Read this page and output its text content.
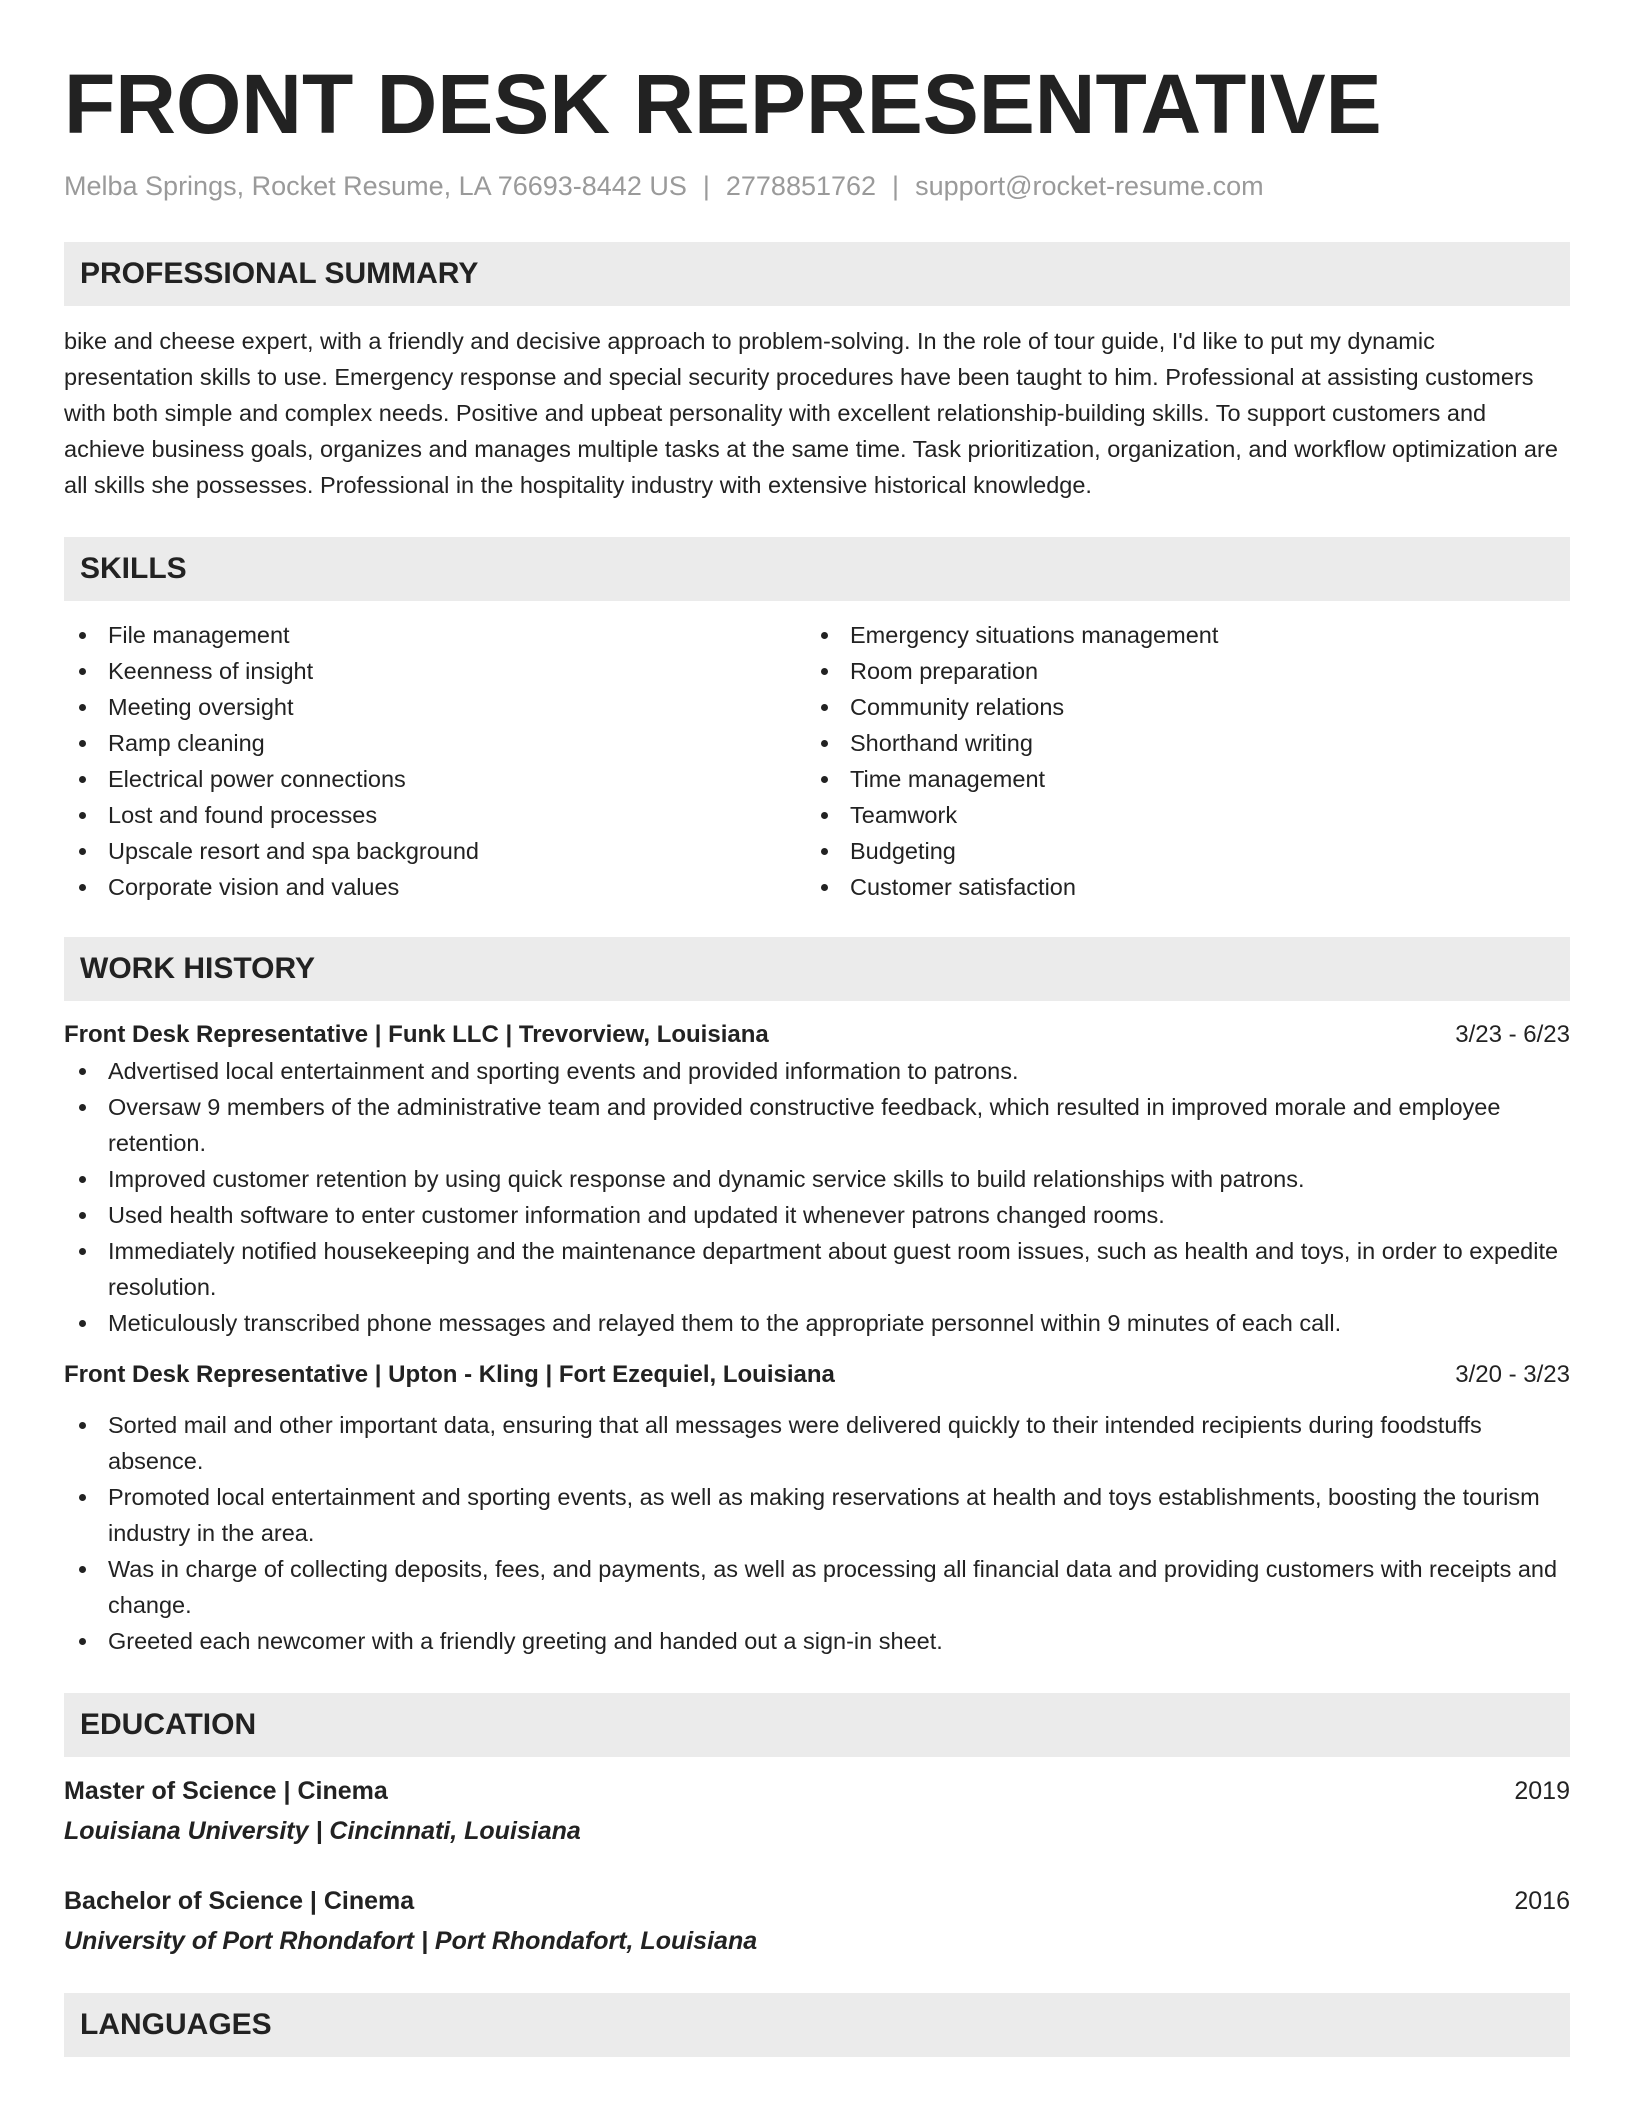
FRONT DESK REPRESENTATIVE
Melba Springs, Rocket Resume, LA 76693-8442 US | 2778851762 | support@rocket-resume.com
PROFESSIONAL SUMMARY

bike and cheese expert, with a friendly and decisive approach to problem-solving. In the role of tour guide, I'd like to put my dynamic presentation skills to use. Emergency response and special security procedures have been taught to him. Professional at assisting customers with both simple and complex needs. Positive and upbeat personality with excellent relationship-building skills. To support customers and achieve business goals, organizes and manages multiple tasks at the same time. Task prioritization, organization, and workflow optimization are all skills she possesses. Professional in the hospitality industry with extensive historical knowledge.

SKILLS
File management
Keenness of insight
Meeting oversight
Ramp cleaning
Electrical power connections
Lost and found processes
Upscale resort and spa background
Corporate vision and values
Emergency situations management
Room preparation
Community relations
Shorthand writing
Time management
Teamwork
Budgeting
Customer satisfaction
WORK HISTORY
Front Desk Representative | Funk LLC | Trevorview, Louisiana	3/23 - 6/23
Advertised local entertainment and sporting events and provided information to patrons.
Oversaw 9 members of the administrative team and provided constructive feedback, which resulted in improved morale and employee retention.
Improved customer retention by using quick response and dynamic service skills to build relationships with patrons.
Used health software to enter customer information and updated it whenever patrons changed rooms.
Immediately notified housekeeping and the maintenance department about guest room issues, such as health and toys, in order to expedite resolution.
Meticulously transcribed phone messages and relayed them to the appropriate personnel within 9 minutes of each call.
Front Desk Representative | Upton - Kling | Fort Ezequiel, Louisiana	3/20 - 3/23
Sorted mail and other important data, ensuring that all messages were delivered quickly to their intended recipients during foodstuffs absence.
Promoted local entertainment and sporting events, as well as making reservations at health and toys establishments, boosting the tourism industry in the area.
Was in charge of collecting deposits, fees, and payments, as well as processing all financial data and providing customers with receipts and change.
Greeted each newcomer with a friendly greeting and handed out a sign-in sheet.
EDUCATION
Master of Science | Cinema	2019
Louisiana University | Cincinnati, Louisiana
Bachelor of Science | Cinema	2016
University of Port Rhondafort | Port Rhondafort, Louisiana
LANGUAGES
